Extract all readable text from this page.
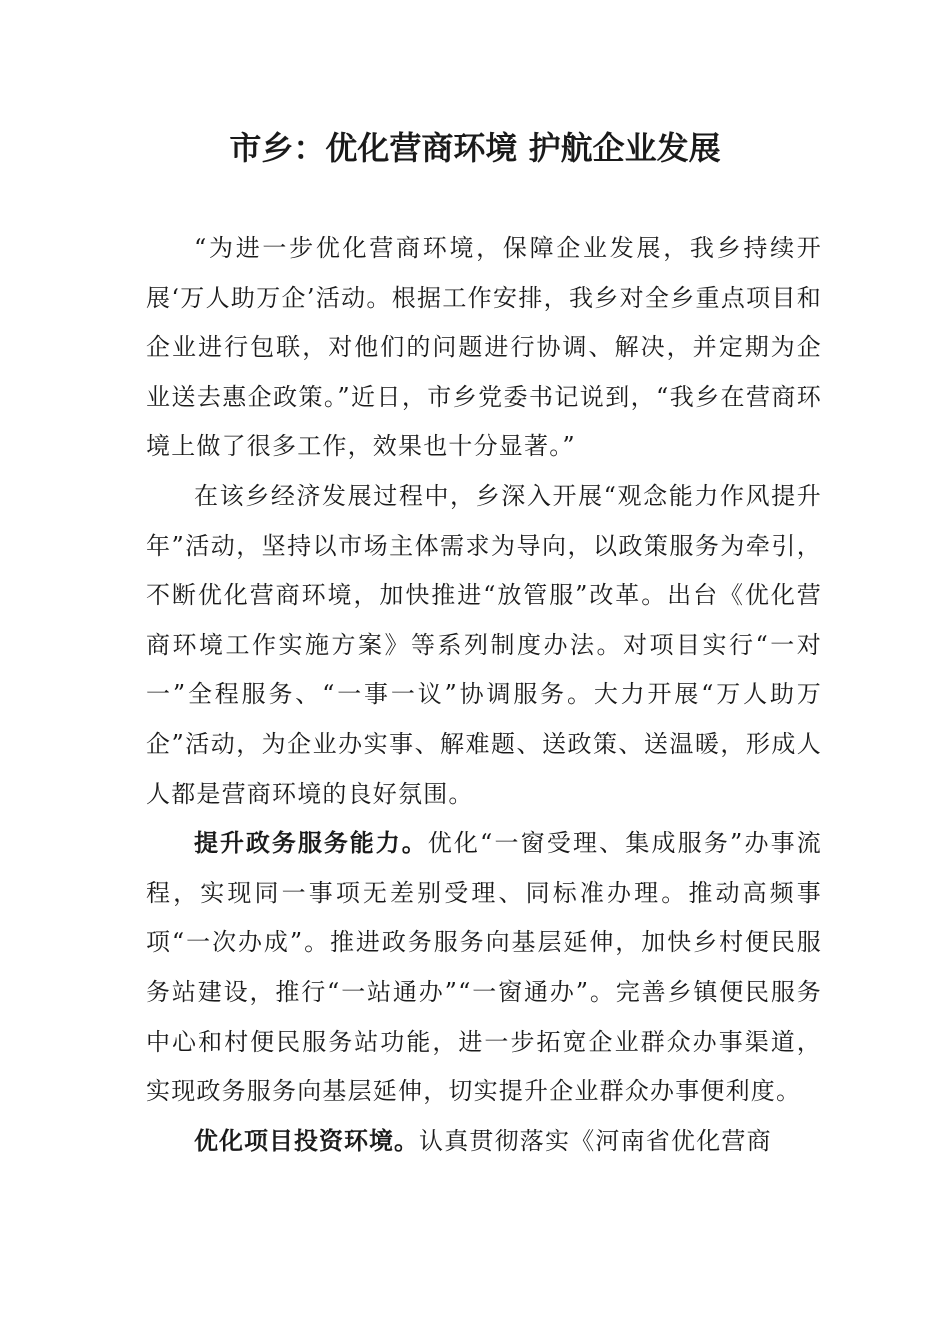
市乡：优化营商环境 护航企业发展

“为进一步优化营商环境，保障企业发展，我乡持续开展‘万人助万企’活动。根据工作安排，我乡对全乡重点项目和企业进行包联，对他们的问题进行协调、解决，并定期为企业送去惠企政策。”近日，市乡党委书记说到，“我乡在营商环境上做了很多工作，效果也十分显著。”

在该乡经济发展过程中，乡深入开展“观念能力作风提升年”活动，坚持以市场主体需求为导向，以政策服务为牵引，不断优化营商环境，加快推进“放管服”改革。出台《优化营商环境工作实施方案》等系列制度办法。对项目实行“一对一”全程服务、“一事一议”协调服务。大力开展“万人助万企”活动，为企业办实事、解难题、送政策、送温暖，形成人人都是营商环境的良好氛围。

提升政务服务能力。优化“一窗受理、集成服务”办事流程，实现同一事项无差别受理、同标准办理。推动高频事项“一次办成”。推进政务服务向基层延伸，加快乡村便民服务站建设，推行“一站通办”“一窗通办”。完善乡镇便民服务中心和村便民服务站功能，进一步拓宽企业群众办事渠道，实现政务服务向基层延伸，切实提升企业群众办事便利度。

优化项目投资环境。认真贯彻落实《河南省优化营商
